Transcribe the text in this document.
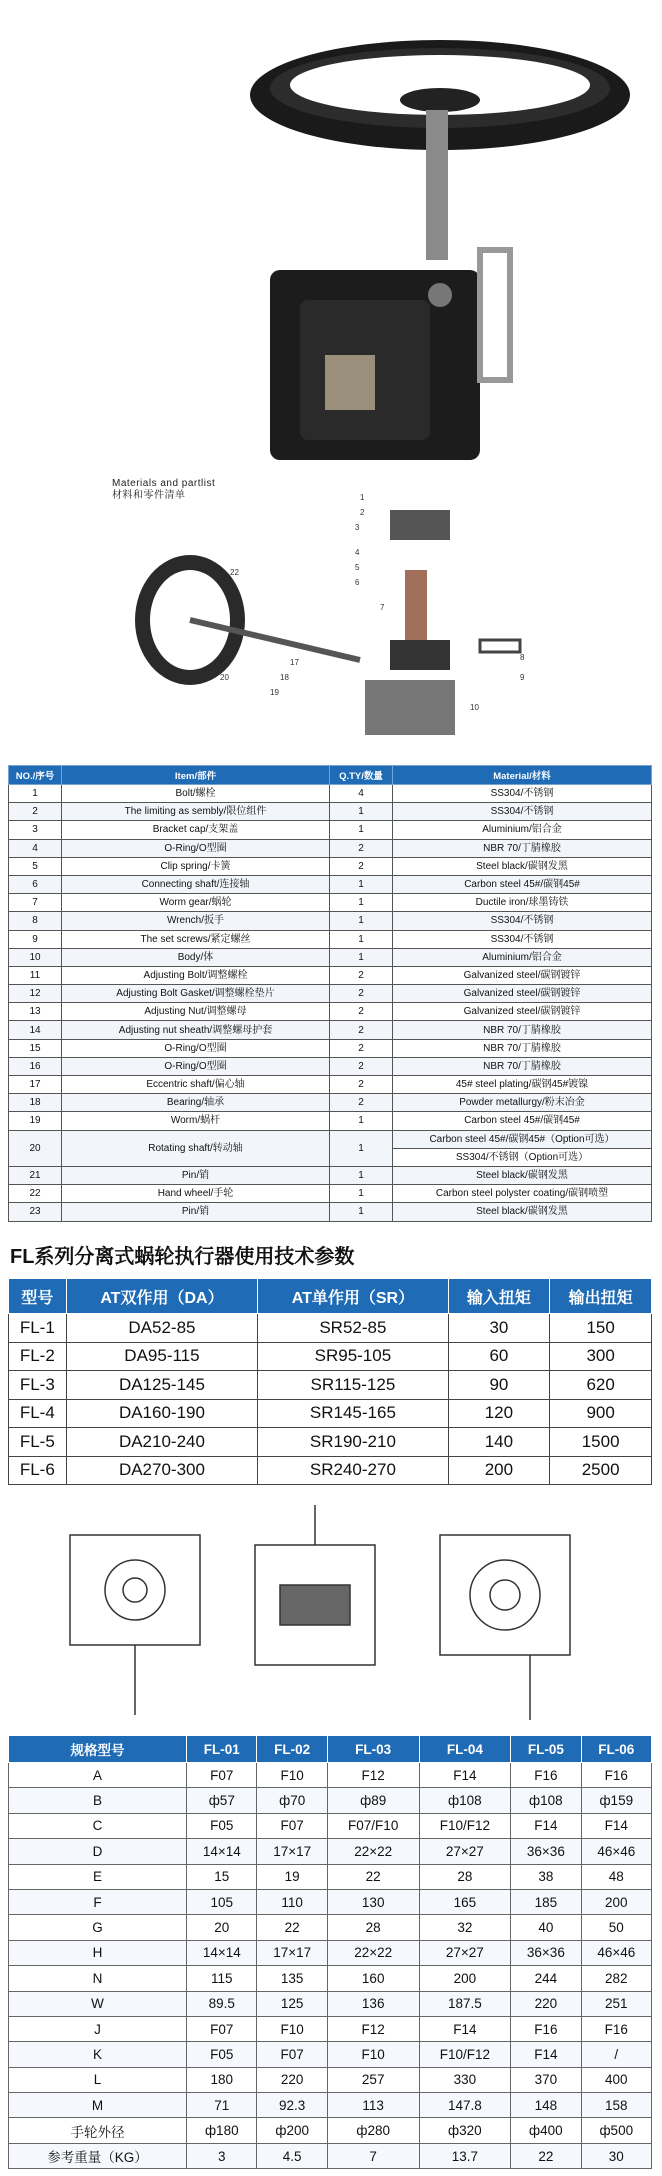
Materials and partlist
材料和零件清单	1
2
3
4
5
6
7
8
9
10
17
18
19
20
22
NO./序号	Item/部件	Q.TY/数量	Material/材料
1	Bolt/螺栓	4	SS304/不锈钢
2	The limiting as sembly/限位组件	1	SS304/不锈钢
3	Bracket cap/支架盖	1	Aluminium/铝合金
4	O-Ring/O型圈	2	NBR 70/丁腈橡胶
5	Clip spring/卡簧	2	Steel black/碳钢发黑
6	Connecting shaft/连接轴	1	Carbon steel 45#/碳钢45#
7	Worm gear/蜗轮	1	Ductile iron/球墨铸铁
8	Wrench/扳手	1	SS304/不锈钢
9	The set screws/紧定螺丝	1	SS304/不锈钢
10	Body/体	1	Aluminium/铝合金
11	Adjusting Bolt/调整螺栓	2	Galvanized steel/碳钢镀锌
12	Adjusting Bolt Gasket/调整螺栓垫片	2	Galvanized steel/碳钢镀锌
13	Adjusting Nut/调整螺母	2	Galvanized steel/碳钢镀锌
14	Adjusting nut sheath/调整螺母护套	2	NBR 70/丁腈橡胶
15	O-Ring/O型圈	2	NBR 70/丁腈橡胶
16	O-Ring/O型圈	2	NBR 70/丁腈橡胶
17	Eccentric shaft/偏心轴	2	45# steel plating/碳钢45#镀镍
18	Bearing/轴承	2	Powder metallurgy/粉末冶金
19	Worm/蜗杆	1	Carbon steel 45#/碳钢45#
20	Rotating shaft/转动轴	1	Carbon steel 45#/碳钢45#（Option可选）
			SS304/不锈钢（Option可选）
21	Pin/销	1	Steel black/碳钢发黑
22	Hand wheel/手轮	1	Carbon steel polyster coating/碳钢喷塑
23	Pin/销	1	Steel black/碳钢发黑
FL系列分离式蜗轮执行器使用技术参数
型号	AT双作用（DA）	AT单作用（SR）	输入扭矩	输出扭矩
FL-1	DA52-85	SR52-85	30	150
FL-2	DA95-115	SR95-105	60	300
FL-3	DA125-145	SR115-125	90	620
FL-4	DA160-190	SR145-165	120	900
FL-5	DA210-240	SR190-210	140	1500
FL-6	DA270-300	SR240-270	200	2500
规格型号	FL-01	FL-02	FL-03	FL-04	FL-05	FL-06
A	F07	F10	F12	F14	F16	F16
B	ф57	ф70	ф89	ф108	ф108	ф159
C	F05	F07	F07/F10	F10/F12	F14	F14
D	14×14	17×17	22×22	27×27	36×36	46×46
E	15	19	22	28	38	48
F	105	110	130	165	185	200
G	20	22	28	32	40	50
H	14×14	17×17	22×22	27×27	36×36	46×46
N	115	135	160	200	244	282
W	89.5	125	136	187.5	220	251
J	F07	F10	F12	F14	F16	F16
K	F05	F07	F10	F10/F12	F14	/
L	180	220	257	330	370	400
M	71	92.3	113	147.8	148	158
手轮外径	ф180	ф200	ф280	ф320	ф400	ф500
参考重量（KG）	3	4.5	7	13.7	22	30
